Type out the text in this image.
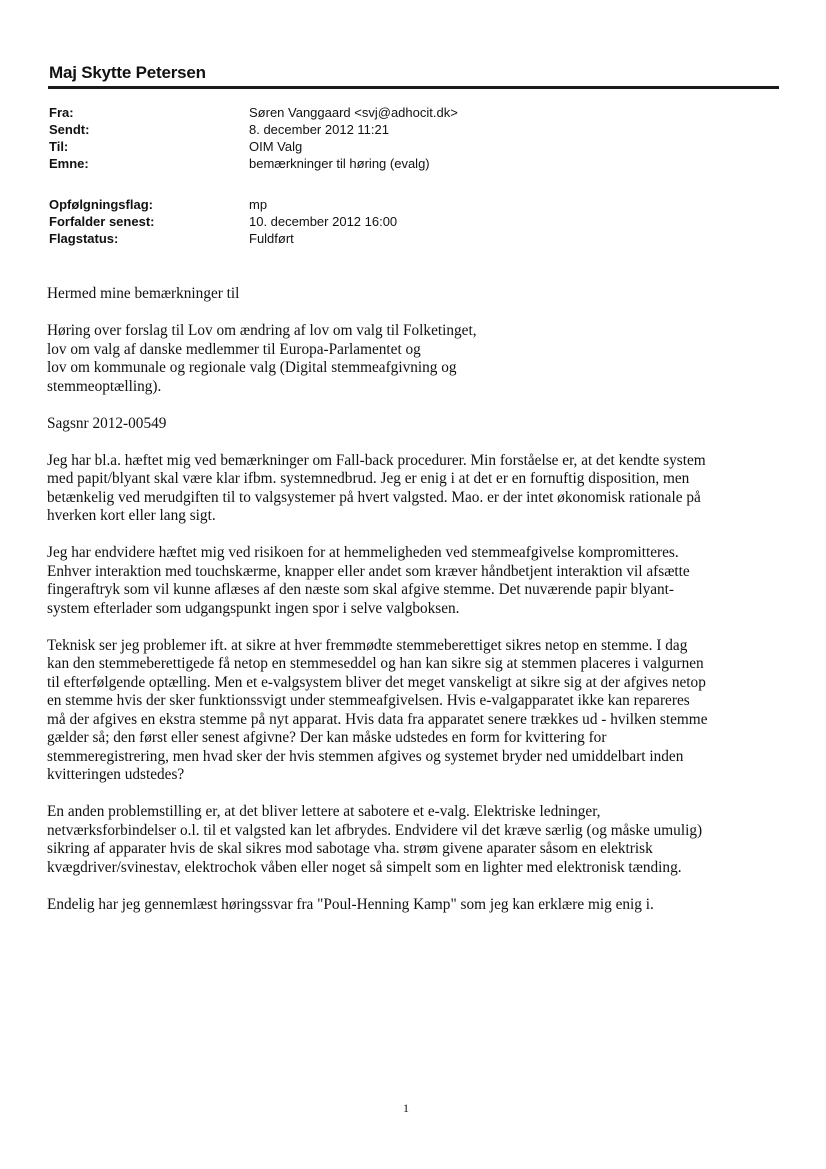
Maj Skytte Petersen
Fra:	Søren Vanggaard <svj@adhocit.dk>
Sendt:	8. december 2012 11:21
Til:	OIM Valg
Emne:	bemærkninger til høring (evalg)
Opfølgningsflag:	mp
Forfalder senest:	10. december 2012 16:00
Flagstatus:	Fuldført

Hermed mine bemærkninger til

Høring over forslag til Lov om ændring af lov om valg til Folketinget,
lov om valg af danske medlemmer til Europa-Parlamentet og
lov om kommunale og regionale valg (Digital stemmeafgivning og
stemmeoptælling).

Sagsnr 2012-00549

Jeg har bl.a. hæftet mig ved bemærkninger om Fall-back procedurer. Min forståelse er, at det kendte system
med papit/blyant skal være klar ifbm. systemnedbrud. Jeg er enig i at det er en fornuftig disposition, men
betænkelig ved merudgiften til to valgsystemer på hvert valgsted. Mao. er der intet økonomisk rationale på
hverken kort eller lang sigt.

Jeg har endvidere hæftet mig ved risikoen for at hemmeligheden ved stemmeafgivelse kompromitteres.
Enhver interaktion med touchskærme, knapper eller andet som kræver håndbetjent interaktion vil afsætte
fingeraftryk som vil kunne aflæses af den næste som skal afgive stemme. Det nuværende papir blyant-
system efterlader som udgangspunkt ingen spor i selve valgboksen.

Teknisk ser jeg problemer ift. at sikre at hver fremmødte stemmeberettiget sikres netop en stemme. I dag
kan den stemmeberettigede få netop en stemmeseddel og han kan sikre sig at stemmen placeres i valgurnen
til efterfølgende optælling. Men et e-valgsystem bliver det meget vanskeligt at sikre sig at der afgives netop
en stemme hvis der sker funktionssvigt under stemmeafgivelsen. Hvis e-valgapparatet ikke kan repareres
må der afgives en ekstra stemme på nyt apparat. Hvis data fra apparatet senere trækkes ud - hvilken stemme
gælder så; den først eller senest afgivne? Der kan måske udstedes en form for kvittering for
stemmeregistrering, men hvad sker der hvis stemmen afgives og systemet bryder ned umiddelbart inden
kvitteringen udstedes?

En anden problemstilling er, at det bliver lettere at sabotere et e-valg. Elektriske ledninger,
netværksforbindelser o.l. til et valgsted kan let afbrydes. Endvidere vil det kræve særlig (og måske umulig)
sikring af apparater hvis de skal sikres mod sabotage vha. strøm givene aparater såsom en elektrisk
kvægdriver/svinestav, elektrochok våben eller noget så simpelt som en lighter med elektronisk tænding.

Endelig har jeg gennemlæst høringssvar fra "Poul-Henning Kamp" som jeg kan erklære mig enig i.

1
